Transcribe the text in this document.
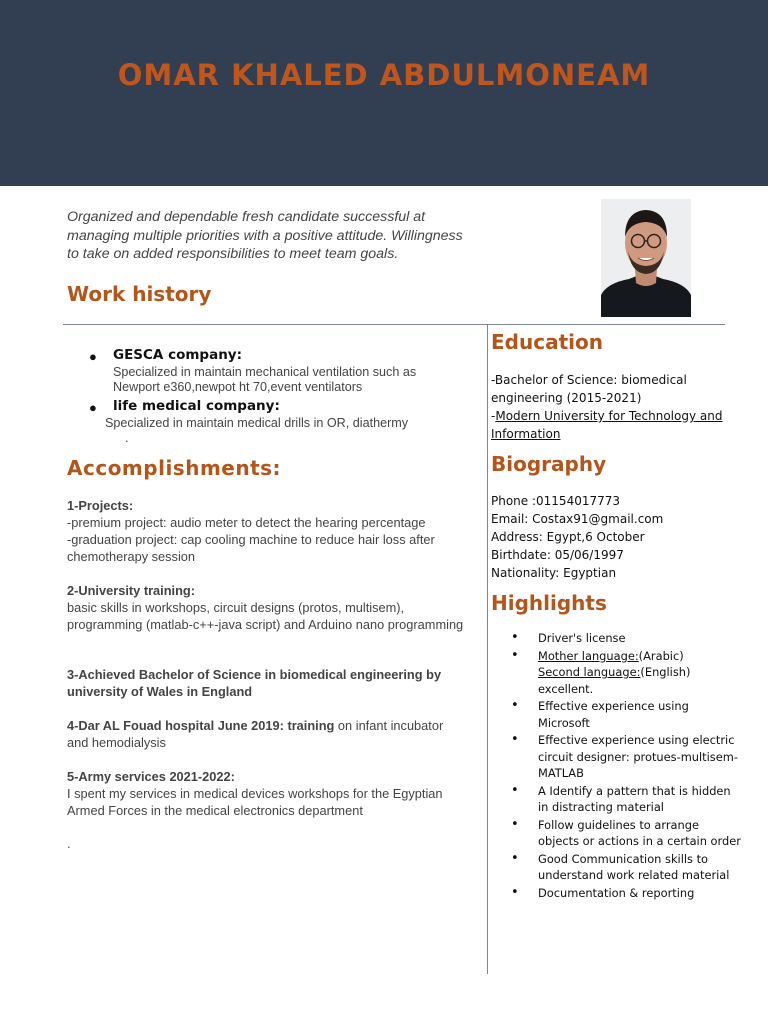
OMAR KHALED ABDULMONEAM

Organized and dependable fresh candidate successful at managing multiple priorities with a positive attitude. Willingness to take on added responsibilities to meet team goals.

Work history
● GESCA company:

Specialized in maintain mechanical ventilation such as

Newport e360,newpot ht 70,event ventilators

● life medical company:

Specialized in maintain medical drills in OR, diathermy

.

Accomplishments:

1-Projects:

-premium project: audio meter to detect the hearing percentage

-graduation project: cap cooling machine to reduce hair loss after chemotherapy session

2-University training:

basic skills in workshops, circuit designs (protos, multisem), programming (matlab-c++-java script) and Arduino nano programming

3-Achieved Bachelor of Science in biomedical engineering by university of Wales in England

4-Dar AL Fouad hospital June 2019: training on infant incubator and hemodialysis

5-Army services 2021-2022:

I spent my services in medical devices workshops for the Egyptian Armed Forces in the medical electronics department

.
Education

-Bachelor of Science: biomedical engineering (2015-2021)

-Modern University for Technology and Information

Biography

Phone :01154017773

Email: Costax91@gmail.com

Address: Egypt,6 October

Birthdate: 05/06/1997

Nationality: Egyptian

Highlights
• Driver's license
• Mother language:(Arabic)
Second language:(English) excellent.
• Effective experience using Microsoft
• Effective experience using electric circuit designer: protues-multisem-MATLAB
• A Identify a pattern that is hidden in distracting material
• Follow guidelines to arrange objects or actions in a certain order
• Good Communication skills to understand work related material
• Documentation & reporting
